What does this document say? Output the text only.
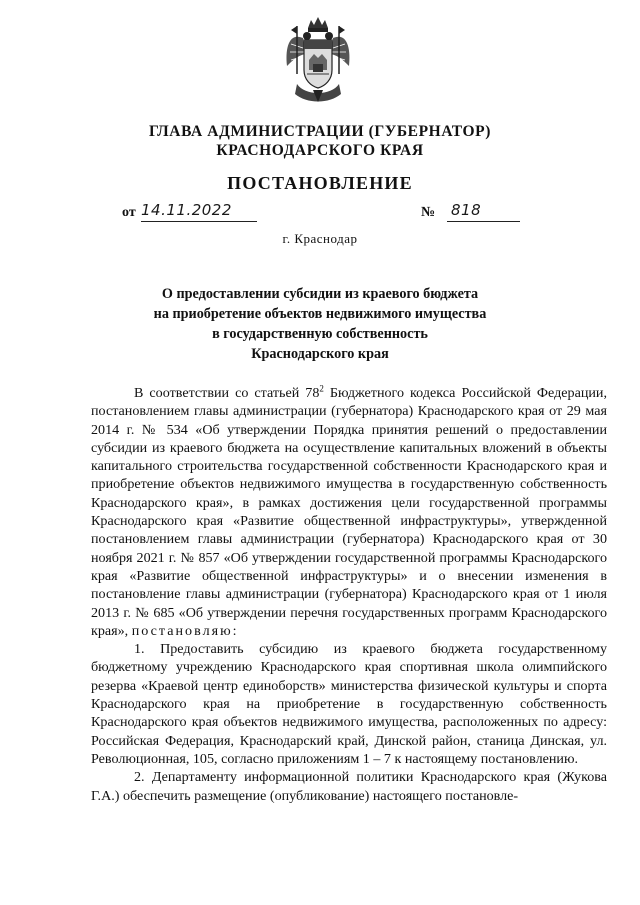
ГЛАВА АДМИНИСТРАЦИИ (ГУБЕРНАТОР)
КРАСНОДАРСКОГО КРАЯ
ПОСТАНОВЛЕНИЕ
от 14.11.2022	№ 818
г. Краснодар
О предоставлении субсидии из краевого бюджета
на приобретение объектов недвижимого имущества
в государственную собственность
Краснодарского края

В соответствии со статьей $78^2$ Бюджетного кодекса Российской Федерации, постановлением главы администрации (губернатора) Краснодарского края от 29 мая 2014 г. № 534 «Об утверждении Порядка принятия решений о предоставлении субсидии из краевого бюджета на осуществление капитальных вложений в объекты капитального строительства государственной собственности Краснодарского края и приобретение объектов недвижимого имущества в государственную собственность Краснодарского края», в рамках достижения цели государственной программы Краснодарского края «Развитие общественной инфраструктуры», утвержденной постановлением главы администрации (губернатора) Краснодарского края от 30 ноября 2021 г. № 857 «Об утверждении государственной программы Краснодарского края «Развитие общественной инфраструктуры» и о внесении изменения в постановление главы администрации (губернатора) Краснодарского края от 1 июля 2013 г. № 685 «Об утверждении перечня государственных программ Краснодарского края», постановляю:

1. Предоставить субсидию из краевого бюджета государственному бюджетному учреждению Краснодарского края спортивная школа олимпийского резерва «Краевой центр единоборств» министерства физической культуры и спорта Краснодарского края на приобретение в государственную собственность Краснодарского края объектов недвижимого имущества, расположенных по адресу: Российская Федерация, Краснодарский край, Динской район, станица Динская, ул. Революционная, 105, согласно приложениям 1 – 7 к настоящему постановлению.

2. Департаменту информационной политики Краснодарского края (Жукова Г.А.) обеспечить размещение (опубликование) настоящего постановле-
